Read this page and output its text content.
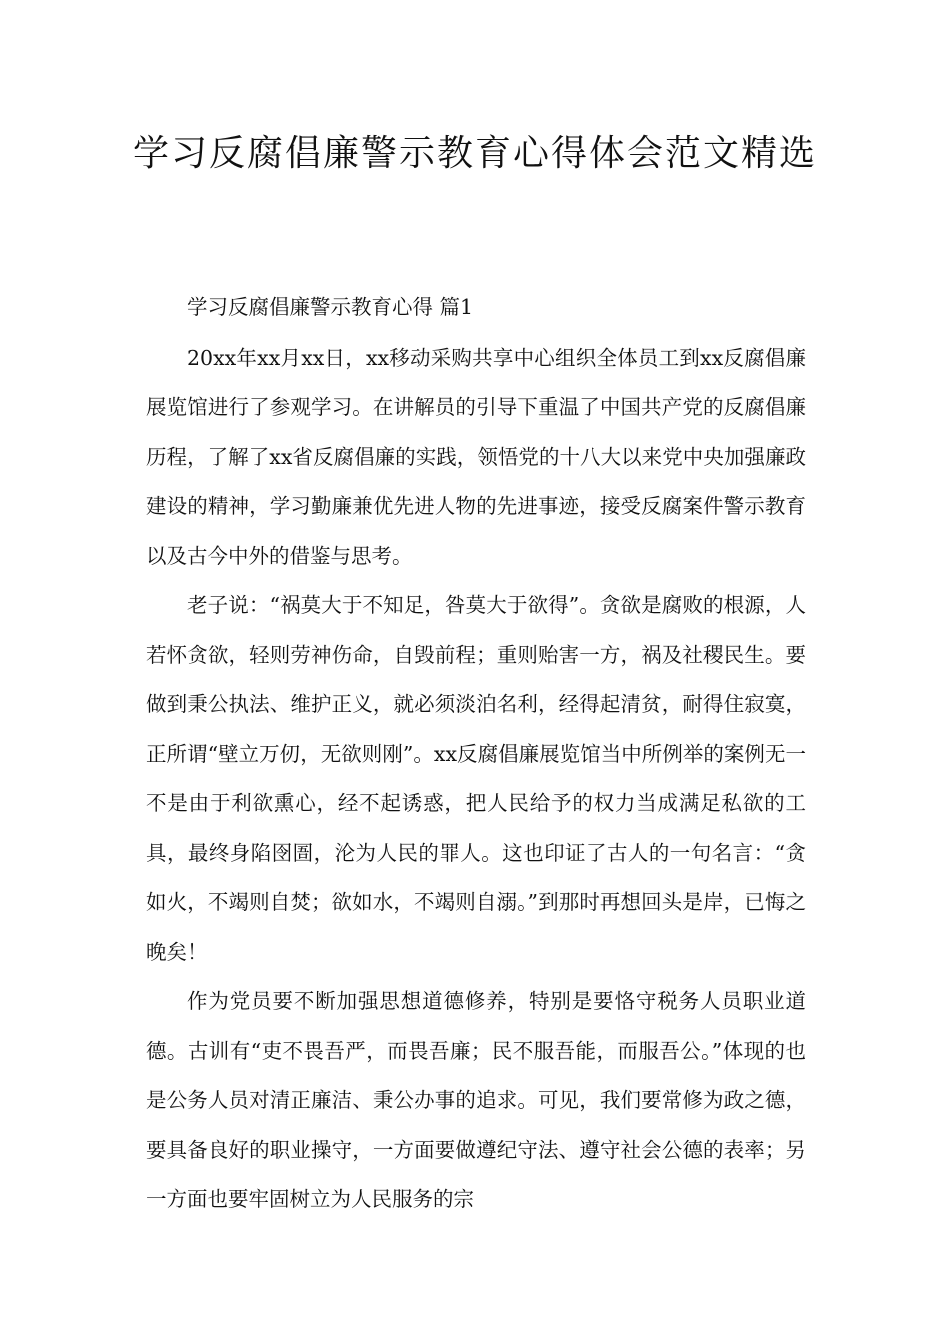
学习反腐倡廉警示教育心得体会范文精选

学习反腐倡廉警示教育心得 篇1

20xx年xx月xx日，xx移动采购共享中心组织全体员工到xx反腐倡廉展览馆进行了参观学习。在讲解员的引导下重温了中国共产党的反腐倡廉历程，了解了xx省反腐倡廉的实践，领悟党的十八大以来党中央加强廉政建设的精神，学习勤廉兼优先进人物的先进事迹，接受反腐案件警示教育以及古今中外的借鉴与思考。

老子说：“祸莫大于不知足，咎莫大于欲得”。贪欲是腐败的根源，人若怀贪欲，轻则劳神伤命，自毁前程；重则贻害一方，祸及社稷民生。要做到秉公执法、维护正义，就必须淡泊名利，经得起清贫，耐得住寂寞，正所谓“壁立万仞，无欲则刚”。xx反腐倡廉展览馆当中所例举的案例无一不是由于利欲熏心，经不起诱惑，把人民给予的权力当成满足私欲的工具，最终身陷囹圄，沦为人民的罪人。这也印证了古人的一句名言：“贪如火，不竭则自焚；欲如水，不竭则自溺。”到那时再想回头是岸，已悔之晚矣！

作为党员要不断加强思想道德修养，特别是要恪守税务人员职业道德。古训有“吏不畏吾严，而畏吾廉；民不服吾能，而服吾公。”体现的也是公务人员对清正廉洁、秉公办事的追求。可见，我们要常修为政之德，要具备良好的职业操守，一方面要做遵纪守法、遵守社会公德的表率；另一方面也要牢固树立为人民服务的宗
